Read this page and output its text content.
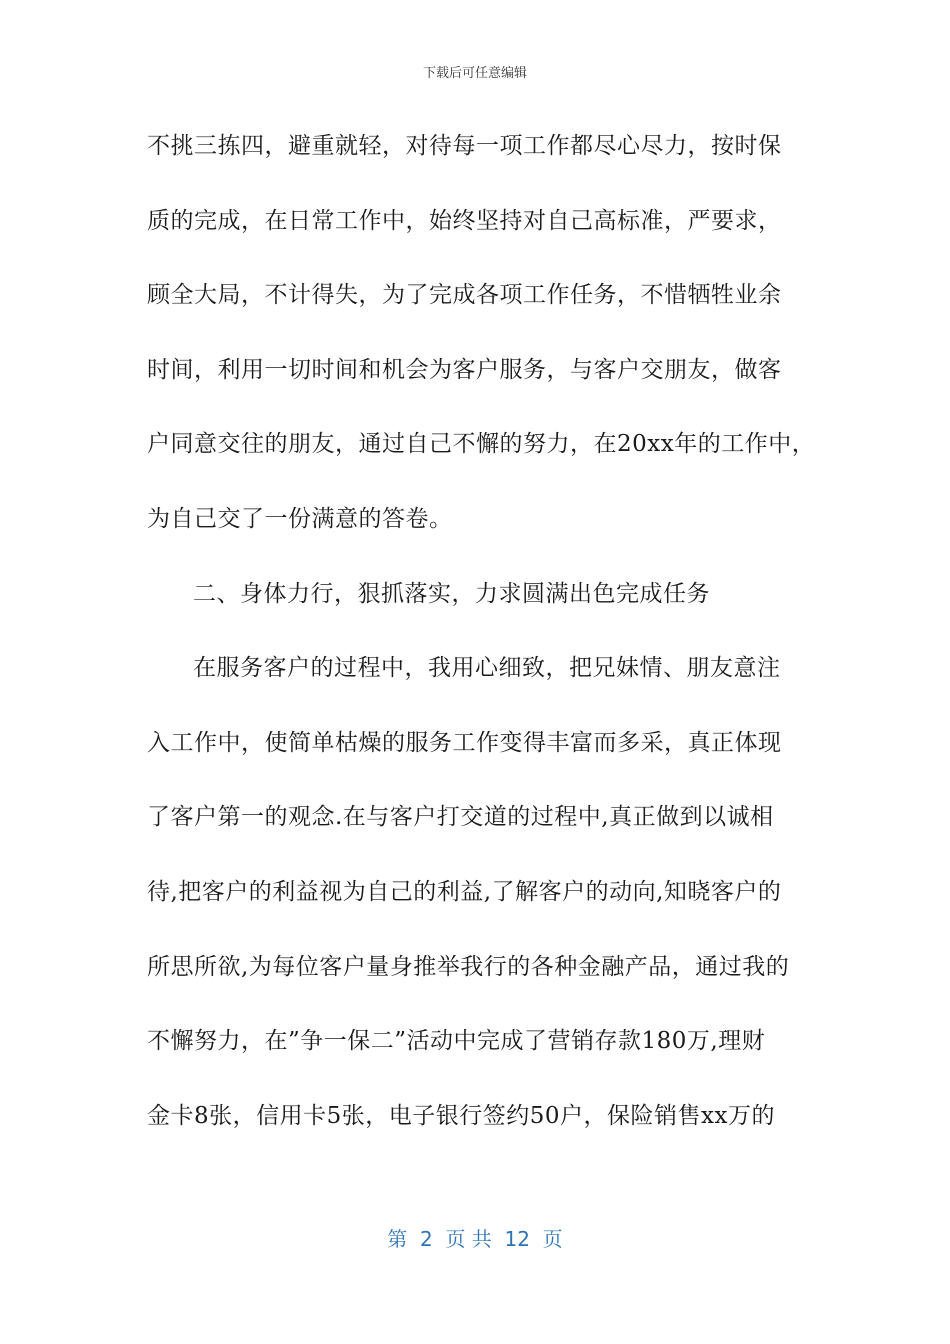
下载后可任意编辑
不挑三拣四，避重就轻，对待每一项工作都尽心尽力，按时保
质的完成，在日常工作中，始终坚持对自己高标准，严要求，
顾全大局，不计得失，为了完成各项工作任务，不惜牺牲业余
时间，利用一切时间和机会为客户服务，与客户交朋友，做客
户同意交往的朋友，通过自己不懈的努力，在20xx年的工作中，
为自己交了一份满意的答卷。
二、身体力行，狠抓落实，力求圆满出色完成任务
在服务客户的过程中，我用心细致，把兄妹情、朋友意注
入工作中，使简单枯燥的服务工作变得丰富而多采，真正体现
了客户第一的观念.在与客户打交道的过程中,真正做到以诚相
待,把客户的利益视为自己的利益,了解客户的动向,知晓客户的
所思所欲,为每位客户量身推举我行的各种金融产品，通过我的
不懈努力，在”争一保二”活动中完成了营销存款180万,理财
金卡8张，信用卡5张，电子银行签约50户，保险销售xx万的
第  2  页 共  12  页
